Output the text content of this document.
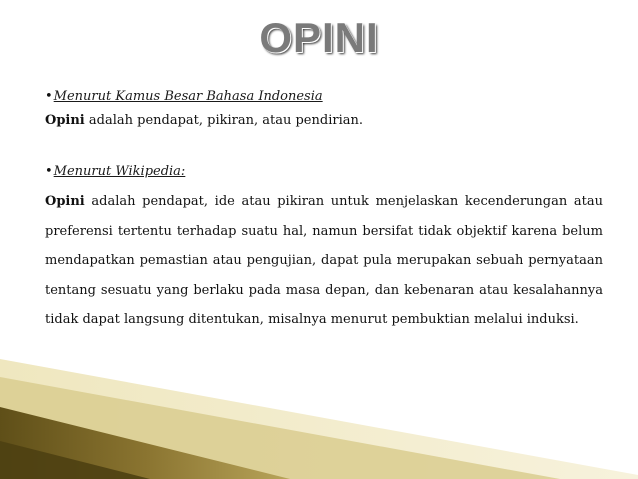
OPINI

•Menurut Kamus Besar Bahasa Indonesia

Opini adalah pendapat, pikiran, atau pendirian.

•Menurut Wikipedia:

Opini adalah pendapat, ide atau pikiran untuk menjelaskan kecenderungan atau preferensi tertentu terhadap suatu hal, namun bersifat tidak objektif karena belum mendapatkan pemastian atau pengujian, dapat pula merupakan sebuah pernyataan tentang sesuatu yang berlaku pada masa depan, dan kebenaran atau kesalahannya tidak dapat langsung ditentukan, misalnya menurut pembuktian melalui induksi.
